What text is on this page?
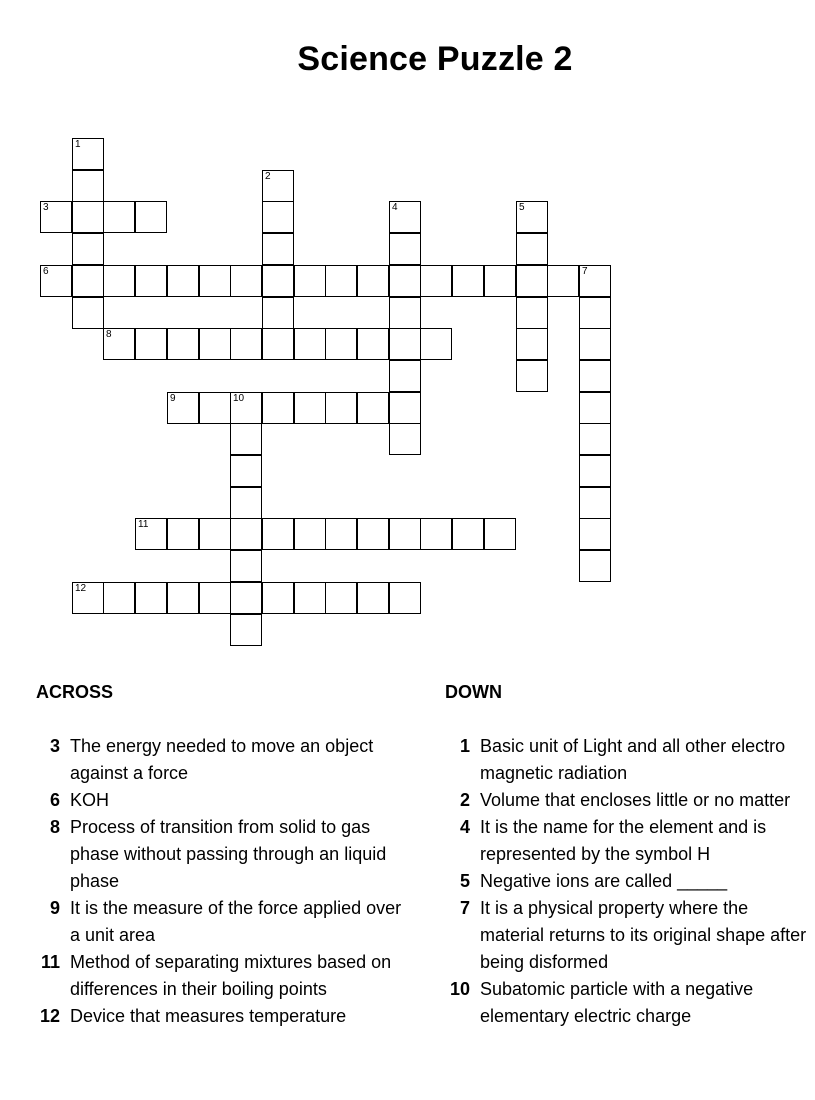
Science Puzzle 2
1
2
3	4	5
6	7
8
9	10
11
12
ACROSS	DOWN
3 The energy needed to move an object against a force
6 KOH
8 Process of transition from solid to gas phase without passing through an liquid phase
9 It is the measure of the force applied over a unit area
11 Method of separating mixtures based on differences in their boiling points
12 Device that measures temperature
1 Basic unit of Light and all other electro magnetic radiation
2 Volume that encloses little or no matter
4 It is the name for the element and is represented by the symbol H
5 Negative ions are called _____
7 It is a physical property where the material returns to its original shape after being disformed
10 Subatomic particle with a negative elementary electric charge
